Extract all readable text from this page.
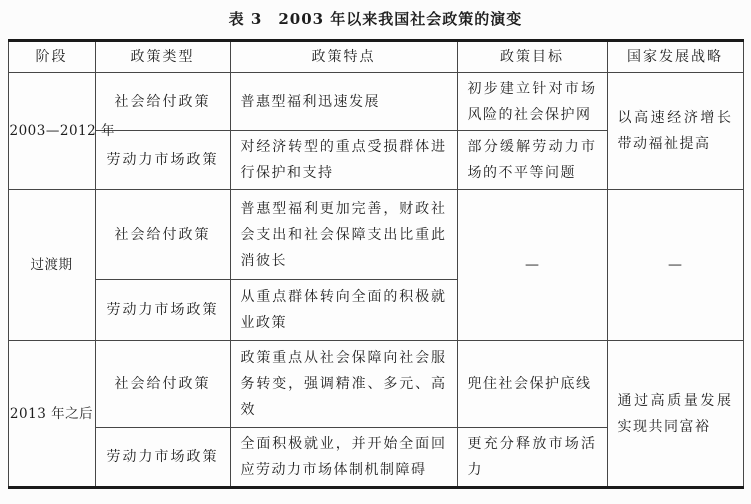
表 3　2003 年以来我国社会政策的演变
阶段	政策类型	政策特点	政策目标	国家发展战略
2003—2012 年	社会给付政策	普惠型福利迅速发展	初步建立针对市场风险的社会保护网	以高速经济增长带动福祉提高
	劳动力市场政策	对经济转型的重点受损群体进行保护和支持	部分缓解劳动力市场的不平等问题	
过渡期	社会给付政策	普惠型福利更加完善，财政社会支出和社会保障支出比重此消彼长	—	—
	劳动力市场政策	从重点群体转向全面的积极就业政策		
2013 年之后	社会给付政策	政策重点从社会保障向社会服务转变，强调精准、多元、高效	兜住社会保护底线	通过高质量发展实现共同富裕
	劳动力市场政策	全面积极就业，并开始全面回应劳动力市场体制机制障碍	更充分释放市场活力	
